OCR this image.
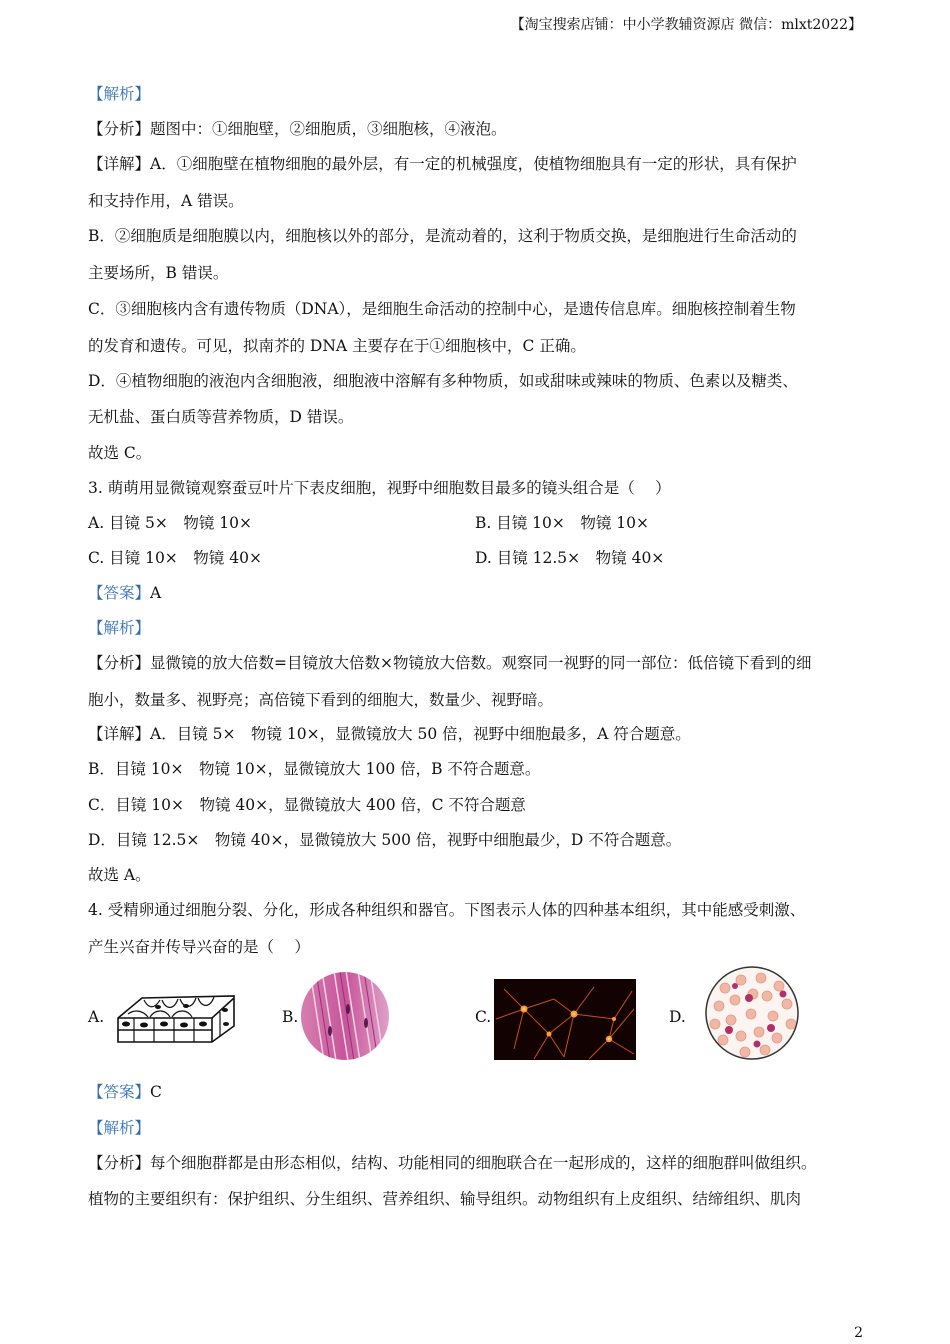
【淘宝搜索店铺：中小学教辅资源店 微信：mlxt2022】
【解析】
【分析】题图中：①细胞壁，②细胞质，③细胞核，④液泡。
【详解】A．①细胞壁在植物细胞的最外层，有一定的机械强度，使植物细胞具有一定的形状，具有保护
和支持作用，A 错误。
B．②细胞质是细胞膜以内，细胞核以外的部分，是流动着的，这利于物质交换，是细胞进行生命活动的
主要场所，B 错误。
C．③细胞核内含有遗传物质（DNA），是细胞生命活动的控制中心，是遗传信息库。细胞核控制着生物
的发育和遗传。可见，拟南芥的 DNA 主要存在于①细胞核中，C 正确。
D．④植物细胞的液泡内含细胞液，细胞液中溶解有多种物质，如或甜味或辣味的物质、色素以及糖类、
无机盐、蛋白质等营养物质，D 错误。
故选 C。
3. 萌萌用显微镜观察蚕豆叶片下表皮细胞，视野中细胞数目最多的镜头组合是（　 ）
A. 目镜 5×　物镜 10×	B. 目镜 10×　物镜 10×
C. 目镜 10×　物镜 40×	D. 目镜 12.5×　物镜 40×
【答案】A
【解析】
【分析】显微镜的放大倍数=目镜放大倍数×物镜放大倍数。观察同一视野的同一部位：低倍镜下看到的细
胞小，数量多、视野亮；高倍镜下看到的细胞大，数量少、视野暗。
【详解】A．目镜 5×　物镜 10×，显微镜放大 50 倍，视野中细胞最多，A 符合题意。
B．目镜 10×　物镜 10×，显微镜放大 100 倍，B 不符合题意。
C．目镜 10×　物镜 40×，显微镜放大 400 倍，C 不符合题意
D．目镜 12.5×　物镜 40×，显微镜放大 500 倍，视野中细胞最少，D 不符合题意。
故选 A。
4. 受精卵通过细胞分裂、分化，形成各种组织和器官。下图表示人体的四种基本组织，其中能感受刺激、
产生兴奋并传导兴奋的是（　 ）
A.	B.	C.	D.
【答案】C
【解析】
【分析】每个细胞群都是由形态相似，结构、功能相同的细胞联合在一起形成的，这样的细胞群叫做组织。
植物的主要组织有：保护组织、分生组织、营养组织、输导组织。动物组织有上皮组织、结缔组织、肌肉
2
